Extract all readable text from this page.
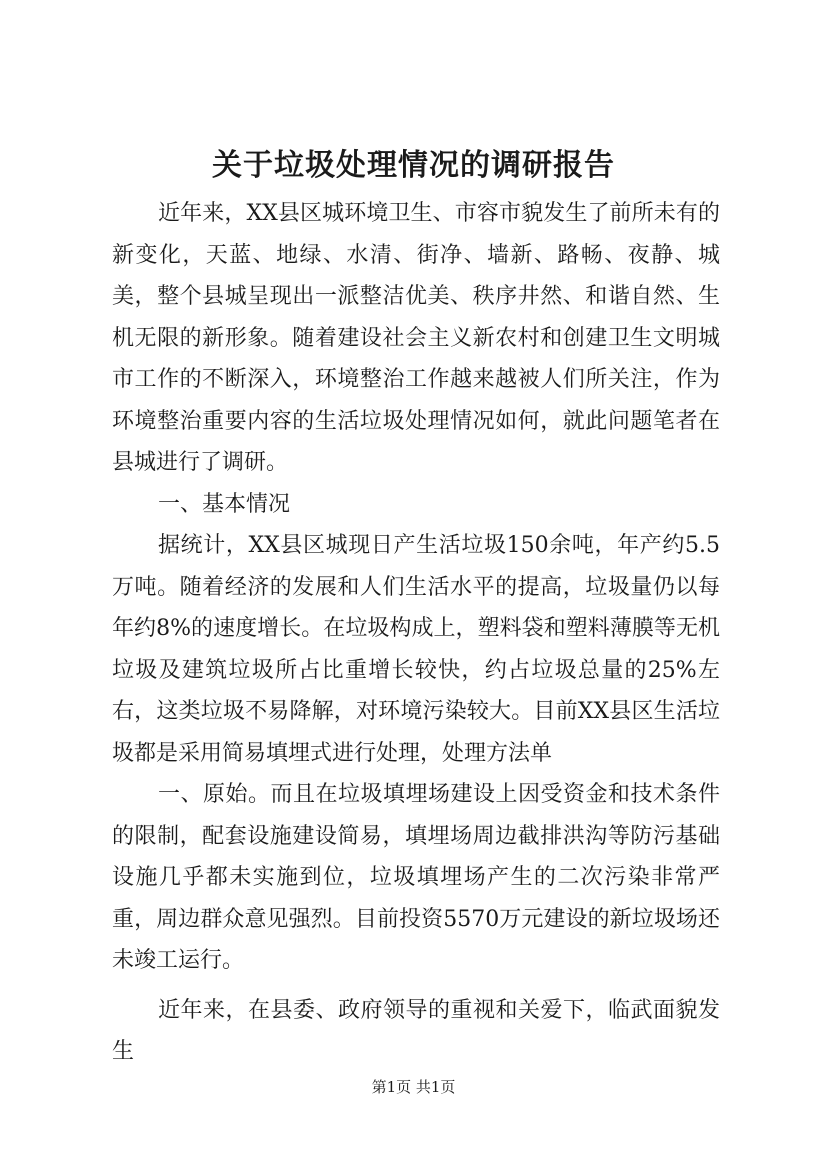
关于垃圾处理情况的调研报告

近年来，XX县区城环境卫生、市容市貌发生了前所未有的新变化，天蓝、地绿、水清、街净、墙新、路畅、夜静、城美，整个县城呈现出一派整洁优美、秩序井然、和谐自然、生机无限的新形象。随着建设社会主义新农村和创建卫生文明城市工作的不断深入，环境整治工作越来越被人们所关注，作为环境整治重要内容的生活垃圾处理情况如何，就此问题笔者在县城进行了调研。

一、基本情况

据统计，XX县区城现日产生活垃圾150余吨，年产约5.5万吨。随着经济的发展和人们生活水平的提高，垃圾量仍以每年约8%的速度增长。在垃圾构成上，塑料袋和塑料薄膜等无机垃圾及建筑垃圾所占比重增长较快，约占垃圾总量的25%左右，这类垃圾不易降解，对环境污染较大。目前XX县区生活垃圾都是采用简易填埋式进行处理，处理方法单

一、原始。而且在垃圾填埋场建设上因受资金和技术条件的限制，配套设施建设简易，填埋场周边截排洪沟等防污基础设施几乎都未实施到位，垃圾填埋场产生的二次污染非常严重，周边群众意见强烈。目前投资5570万元建设的新垃圾场还未竣工运行。

近年来，在县委、政府领导的重视和关爱下，临武面貌发生

第1页 共1页
